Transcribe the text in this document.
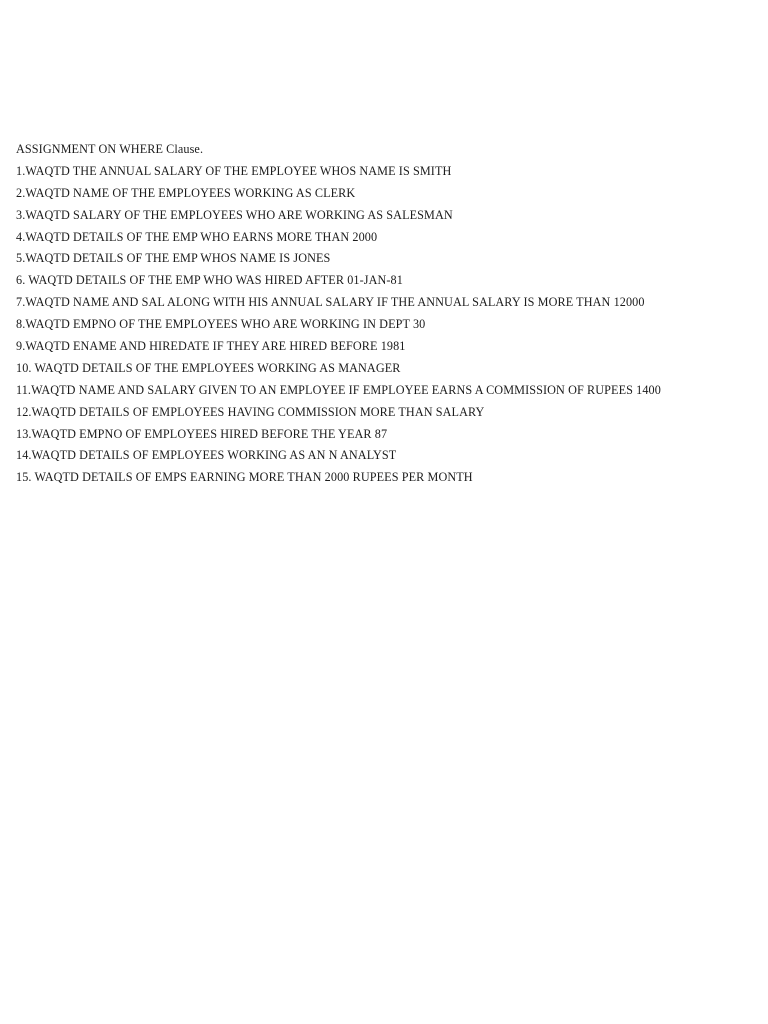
ASSIGNMENT ON WHERE Clause.
1.WAQTD THE ANNUAL SALARY OF THE EMPLOYEE WHOS NAME IS SMITH
2.WAQTD NAME OF THE EMPLOYEES WORKING AS CLERK
3.WAQTD SALARY OF THE EMPLOYEES WHO ARE WORKING AS SALESMAN
4.WAQTD DETAILS OF THE EMP WHO EARNS MORE THAN 2000
5.WAQTD DETAILS OF THE EMP WHOS NAME IS JONES
6. WAQTD DETAILS OF THE EMP WHO WAS HIRED AFTER 01-JAN-81
7.WAQTD NAME AND SAL ALONG WITH HIS ANNUAL SALARY IF THE ANNUAL SALARY IS MORE THAN 12000
8.WAQTD EMPNO OF THE EMPLOYEES WHO ARE WORKING IN DEPT 30
9.WAQTD ENAME AND HIREDATE IF THEY ARE HIRED BEFORE 1981
10. WAQTD DETAILS OF THE EMPLOYEES WORKING AS MANAGER
11.WAQTD NAME AND SALARY GIVEN TO AN EMPLOYEE IF EMPLOYEE EARNS A COMMISSION OF RUPEES 1400
12.WAQTD DETAILS OF EMPLOYEES HAVING COMMISSION MORE THAN SALARY
13.WAQTD EMPNO OF EMPLOYEES HIRED BEFORE THE YEAR 87
14.WAQTD DETAILS OF EMPLOYEES WORKING AS AN N ANALYST
15. WAQTD DETAILS OF EMPS EARNING MORE THAN 2000 RUPEES PER MONTH
